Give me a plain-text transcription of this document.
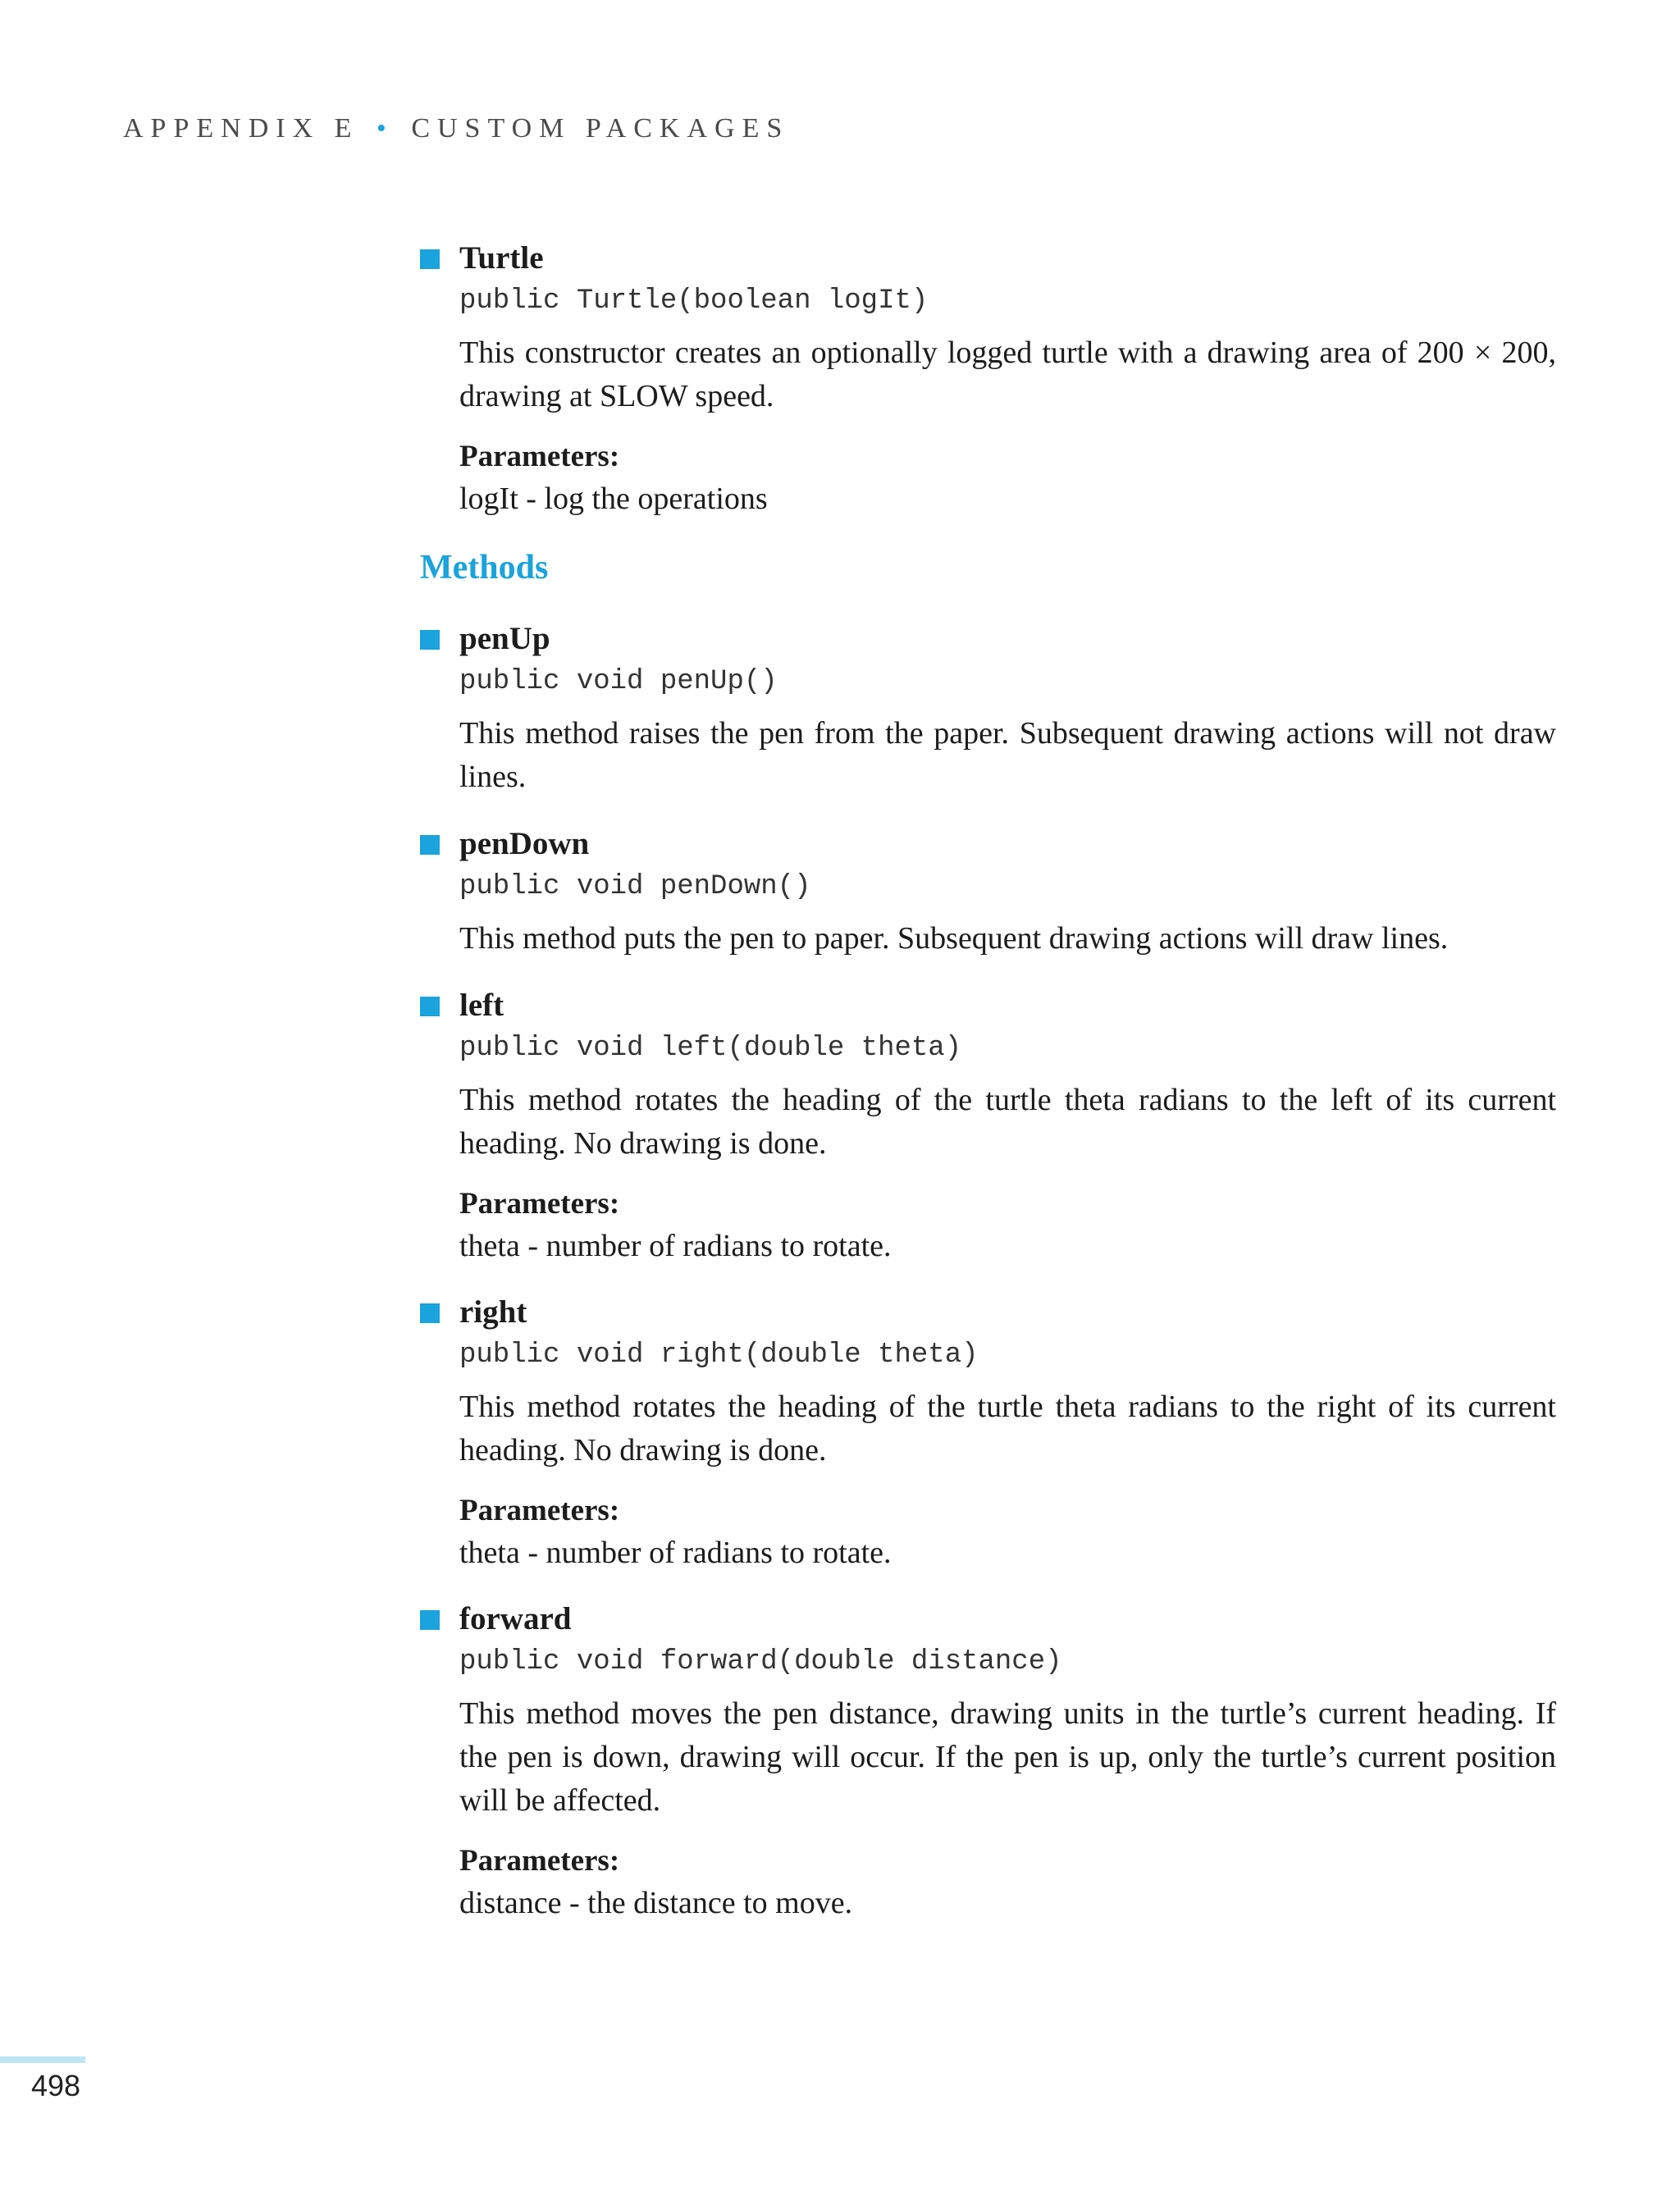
APPENDIX E • CUSTOM PACKAGES
Turtle
public Turtle(boolean logIt)
This constructor creates an optionally logged turtle with a drawing area of 200 × 200, drawing at SLOW speed.
Parameters:
logIt - log the operations
Methods
penUp
public void penUp()
This method raises the pen from the paper. Subsequent drawing actions will not draw lines.
penDown
public void penDown()
This method puts the pen to paper. Subsequent drawing actions will draw lines.
left
public void left(double theta)
This method rotates the heading of the turtle theta radians to the left of its current heading. No drawing is done.
Parameters:
theta - number of radians to rotate.
right
public void right(double theta)
This method rotates the heading of the turtle theta radians to the right of its current heading. No drawing is done.
Parameters:
theta - number of radians to rotate.
forward
public void forward(double distance)
This method moves the pen distance, drawing units in the turtle’s current heading. If the pen is down, drawing will occur. If the pen is up, only the turtle’s current position will be affected.
Parameters:
distance - the distance to move.
498
